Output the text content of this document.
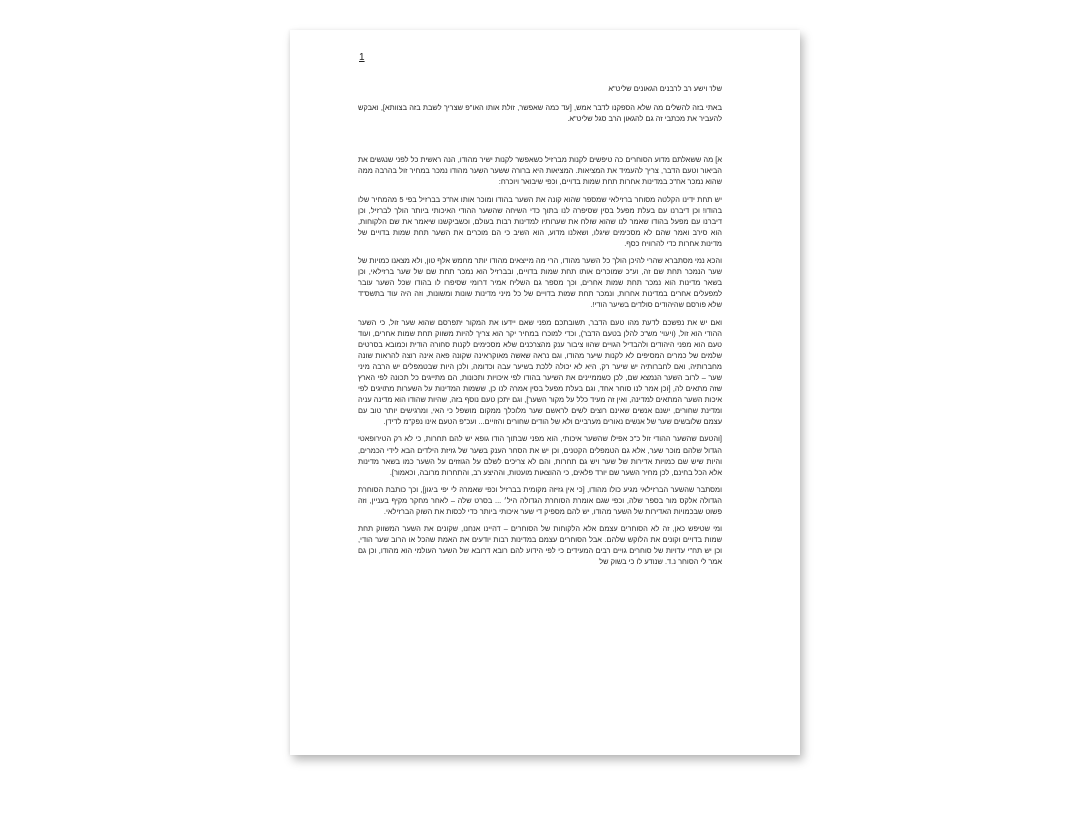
1

שלו' וישע רב לרבנים הגאונים שליט"א

באתי בזה להשלים מה שלא הספקנו לדבר אמש, [עד כמה שאפשר, זולת אותו האו"פ שצריך לשבת בזה בצוותא], ואבקש להעביר את מכתבי זה גם להגאון הרב סגל שליט"א.

א] מה ששאלתם מדוע הסוחרים כה טיפשים לקנות מברזיל כשאפשר לקנות ישיר מהודו, הנה ראשית כל לפני שנגשים את הביאור וטעם הדבר, צריך להעמיד את המציאות. המציאות היא ברורה ששער השער מהודו נמכר במחיר זול בהרבה ממה שהוא נמכר אח"כ במדינות אחרות תחת שמות בדויים, וכפי שיבואר ויוכרח:

יש תחת ידינו הקלטה מסוחר ברזילאי שמספר שהוא קונה את השער בהודו ומוכר אותו אח"כ בברזיל בפי 5 מהמחיר שלו בהודו! וכן דיברנו עם בעלת מפעל בסין שסיפרה לנו בתוך כדי השיחה שהשער ההודי האיכותי ביותר הולך לברזיל, וכן דיברנו עם מפעל בהודו שאמר לנו שהוא שולח את שערותיו למדינות רבות בעולם, וכשביקשנו שיאמר את שם הלקוחות, הוא סירב ואמר שהם לא מסכימים שיגלו, ושאלנו מדוע, הוא השיב כי הם מוכרים את השער תחת שמות בדויים של מדינות אחרות כדי להרוויח כסף.

והכא נמי מסתברא שהרי להיכן הולך כל השער מהודו, הרי מה מייצאים מהודו יותר מחמש אלף טון, ולא מצאנו כמויות של שער הנמכר תחת שם זה, וע"כ שמוכרים אותו תחת שמות בדויים, ובברזיל הוא נמכר תחת שם של שער ברזילאי, וכן בשאר מדינות הוא נמכר תחת שמות אחרים, וכך מספר גם השליח אמיר דרומי שסיפרו לו בהודו שכל השער עובר למפעלים אחרים במדינות אחרות, ונמכר תחת שמות בדויים של כל מיני מדינות שונות ומשונות, וזה היה עוד בתשס"ד שלא פורסם שהיהודים סולדים בשיער הודי!.

ואם יש את נפשכם לדעת מהו טעם הדבר, תשובתכם מפני שאם יידעו את המקור יתפרסם שהוא שער זול, כי השער ההודי הוא זול, (ויעוי' מש"כ להלן בטעם הדבר), וכדי למוכרו במחיר יקר הוא צריך להיות משווק תחת שמות אחרים, ועוד טעם הוא מפני היהודים ולהבדיל הגויים שהוו ציבור ענק מהצרכנים שלא מסכימים לקנות סחורה הודית וכמובא בסרטים שלמים של כמרים המסיפים לא לקנות שיער מהודו, וגם נראה שאשה מאוקראינה שקונה פאה אינה רוצה להראות שונה מחברותיה, ואם לחברותיה יש שיער רק, היא לא יכולה ללכת בשיער עבה וכדומה, ולכן היות שבטמפלים יש הרבה מיני שער – לרוב השער הנמצא שם, לכן כשממיינים את השיער בהודו לפי איכויות ותכונות, הם מתייגים כל תכונה לפי הארץ שזה מתאים לה, [וכן אמר לנו סוחר אחד, וגם בעלת מפעל בסין אמרה לנו כן, ששמות המדינות על השערות מתויגים לפי איכות השער המתאים למדינה, ואין זה מעיד כלל על מקור השער], וגם יתכן טעם נוסף בזה, שהיות שהודו הוא מדינה עניה ומדינת שחורים, ישנם אנשים שאינם רוצים לשים לראשם שער מלוכלך ממקום מושפל כי האי, ומרגישים יותר טוב עם עצמם שלובשים שער של אנשים נאורים מערביים ולא של הודים שחורים והזויים... ועכ"פ הטעם אינו נפק"מ לדידן.

[והטעם שהשער ההודי זול כ"כ אפילו שהשער איכותי, הוא מפני שבתוך הודו גופא יש להם תחרות, כי לא רק הטירופאטי הגדול שלהם מוכר שער, אלא גם הטמפלים הקטנים, וכן יש את הסחר הענק בשער של גזיזת הילדים הבא לידי הכמרים, והיות שיש שם כמויות אדירות של שער ויש גם תחרות, והם לא צריכים לשלם על הגוזזים על השער כמו בשאר מדינות אלא הכל בחינם, לכן מחיר השער שם יורד פלאים, כי ההוצאות מועטות, וההיצע רב, והתחרות מרובה, וכאמור].

ומסתבר שהשער הברזילאי מגיע כולו מהודו, [כי אין גזיזה מקומית בברזיל וכפי שאמרה לי יפי ביגון], וכך כותבת הסוחרת הגדולה אלקס מור בספר שלה, וכפי שגם אומרת הסוחרת הגדולה היל׳ ... בסרט שלה – לאחר מחקר מקיף בעניין, וזה פשוט שבכמויות האדירות של השער מהודו, יש להם מספיק די שער איכותי ביותר כדי לכסות את השוק הברזילאי.

ומי שטיפש כאן, זה לא הסוחרים עצמם אלא הלקוחות של הסוחרים – דהיינו אנחנו, שקונים את השער המשווק תחת שמות בדויים וקונים את הלוקש שלהם. אבל הסוחרים עצמם במדינות רבות יודעים את האמת שהכל או הרוב שער הודי, וכן יש תח"י עדויות של סוחרים גויים רבים המעידים כי לפי הידוע להם רובא דרובא של השער העולמי הוא מהודו, וכן גם אמר לי הסוחר נ.ד. שנודע לו כי בשוק של
